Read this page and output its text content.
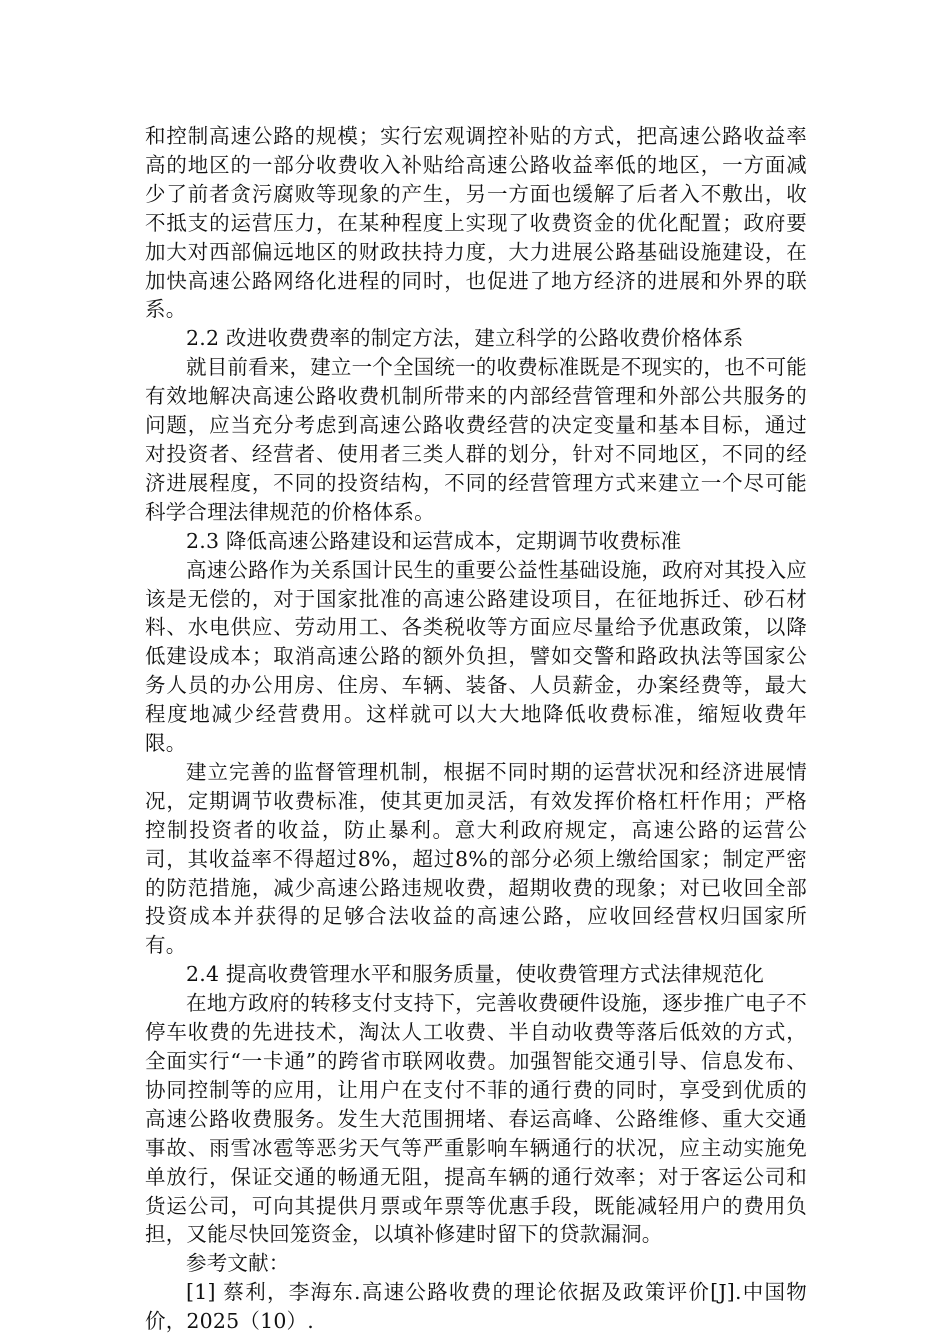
和控制高速公路的规模；实行宏观调控补贴的方式，把高速公路收益率高的地区的一部分收费收入补贴给高速公路收益率低的地区，一方面减少了前者贪污腐败等现象的产生，另一方面也缓解了后者入不敷出，收不抵支的运营压力，在某种程度上实现了收费资金的优化配置；政府要加大对西部偏远地区的财政扶持力度，大力进展公路基础设施建设，在加快高速公路网络化进程的同时，也促进了地方经济的进展和外界的联系。

2.2 改进收费费率的制定方法，建立科学的公路收费价格体系

就目前看来，建立一个全国统一的收费标准既是不现实的，也不可能有效地解决高速公路收费机制所带来的内部经营管理和外部公共服务的问题，应当充分考虑到高速公路收费经营的决定变量和基本目标，通过对投资者、经营者、使用者三类人群的划分，针对不同地区，不同的经济进展程度，不同的投资结构，不同的经营管理方式来建立一个尽可能科学合理法律规范的价格体系。

2.3 降低高速公路建设和运营成本，定期调节收费标准

高速公路作为关系国计民生的重要公益性基础设施，政府对其投入应该是无偿的，对于国家批准的高速公路建设项目，在征地拆迁、砂石材料、水电供应、劳动用工、各类税收等方面应尽量给予优惠政策，以降低建设成本；取消高速公路的额外负担，譬如交警和路政执法等国家公务人员的办公用房、住房、车辆、装备、人员薪金，办案经费等，最大程度地减少经营费用。这样就可以大大地降低收费标准，缩短收费年限。

建立完善的监督管理机制，根据不同时期的运营状况和经济进展情况，定期调节收费标准，使其更加灵活，有效发挥价格杠杆作用；严格控制投资者的收益，防止暴利。意大利政府规定，高速公路的运营公司，其收益率不得超过8%，超过8%的部分必须上缴给国家；制定严密的防范措施，减少高速公路违规收费，超期收费的现象；对已收回全部投资成本并获得的足够合法收益的高速公路，应收回经营权归国家所有。

2.4 提高收费管理水平和服务质量，使收费管理方式法律规范化

在地方政府的转移支付支持下，完善收费硬件设施，逐步推广电子不停车收费的先进技术，淘汰人工收费、半自动收费等落后低效的方式，全面实行“一卡通”的跨省市联网收费。加强智能交通引导、信息发布、协同控制等的应用，让用户在支付不菲的通行费的同时，享受到优质的高速公路收费服务。发生大范围拥堵、春运高峰、公路维修、重大交通事故、雨雪冰雹等恶劣天气等严重影响车辆通行的状况，应主动实施免单放行，保证交通的畅通无阻，提高车辆的通行效率；对于客运公司和货运公司，可向其提供月票或年票等优惠手段，既能减轻用户的费用负担，又能尽快回笼资金，以填补修建时留下的贷款漏洞。

参考文献：

[1] 蔡利，李海东.高速公路收费的理论依据及政策评价[J].中国物价，2025（10）.
